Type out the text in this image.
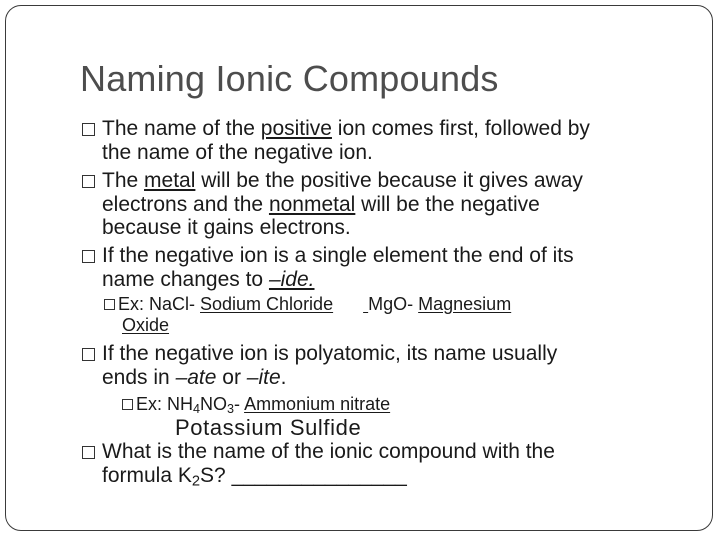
Naming Ionic Compounds
The name of the positive ion comes first, followed by
the name of the negative ion.
The metal will be the positive because it gives away
electrons and the nonmetal will be the negative
because it gains electrons.
If the negative ion is a single element the end of its
name changes to –ide.
Ex: NaCl- Sodium Chloride MgO- Magnesium
Oxide
If the negative ion is polyatomic, its name usually
ends in –ate or –ite.
Ex: $NH_4NO_3-$ Ammonium nitrate
Potassium Sulfide
What is the name of the ionic compound with the
formula $K_2S$? _______________
